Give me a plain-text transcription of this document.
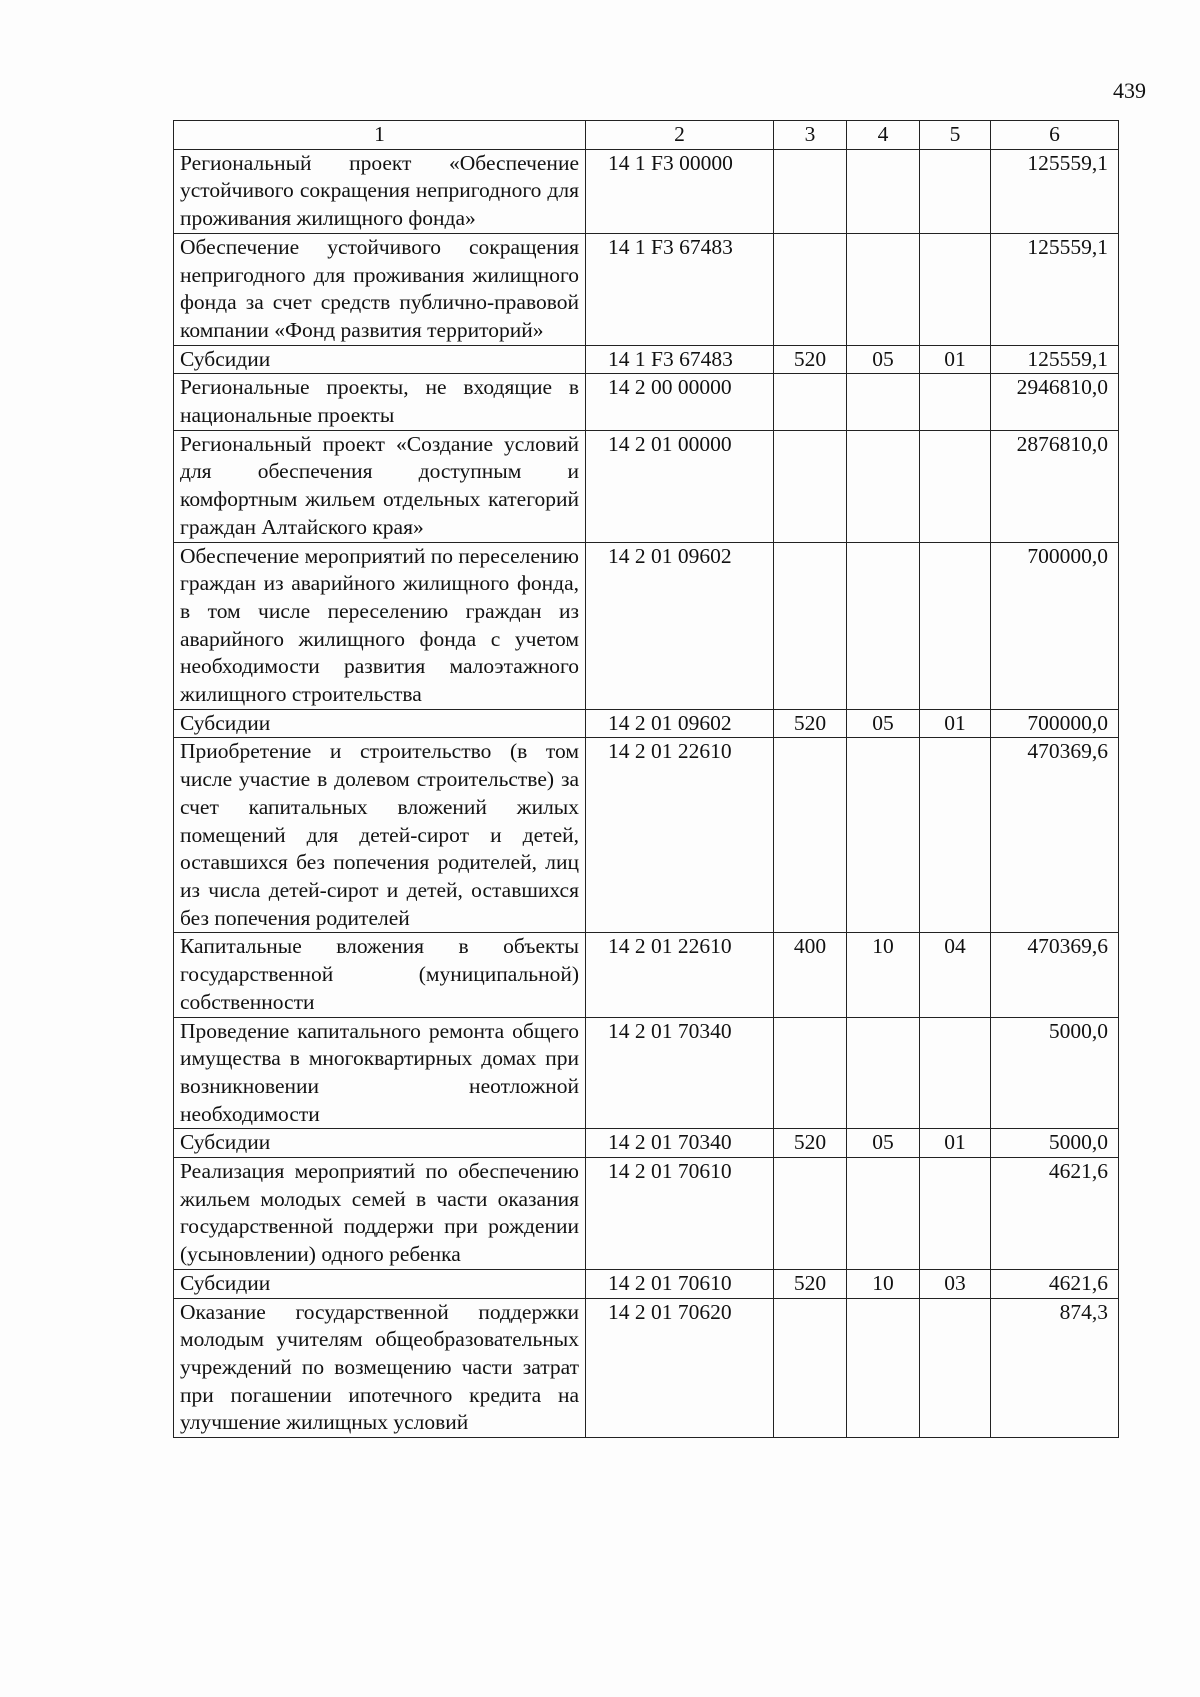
439
1	2	3	4	5	6
Региональный проект «Обеспечение устойчивого сокращения непригодного для проживания жилищного фонда»	14 1 F3 00000				125559,1
Обеспечение устойчивого сокращения непригодного для проживания жилищного фонда за счет средств публично-правовой компании «Фонд развития территорий»	14 1 F3 67483				125559,1
Субсидии	14 1 F3 67483	520	05	01	125559,1
Региональные проекты, не входящие в национальные проекты	14 2 00 00000				2946810,0
Региональный проект «Создание условий для обеспечения доступным и комфортным жильем отдельных категорий граждан Алтайского края»	14 2 01 00000				2876810,0
Обеспечение мероприятий по переселению граждан из аварийного жилищного фонда, в том числе переселению граждан из аварийного жилищного фонда с учетом необходимости развития малоэтажного жилищного строительства	14 2 01 09602				700000,0
Субсидии	14 2 01 09602	520	05	01	700000,0
Приобретение и строительство (в том числе участие в долевом строительстве) за счет капитальных вложений жилых помещений для детей-сирот и детей, оставшихся без попечения родителей, лиц из числа детей-сирот и детей, оставшихся без попечения родителей	14 2 01 22610				470369,6
Капитальные вложения в объекты государственной (муниципальной) собственности	14 2 01 22610	400	10	04	470369,6
Проведение капитального ремонта общего имущества в многоквартирных домах при возникновении неотложной необходимости	14 2 01 70340				5000,0
Субсидии	14 2 01 70340	520	05	01	5000,0
Реализация мероприятий по обеспечению жильем молодых семей в части оказания государственной поддержи при рождении (усыновлении) одного ребенка	14 2 01 70610				4621,6
Субсидии	14 2 01 70610	520	10	03	4621,6
Оказание государственной поддержки молодым учителям общеобразовательных учреждений по возмещению части затрат при погашении ипотечного кредита на улучшение жилищных условий	14 2 01 70620				874,3
